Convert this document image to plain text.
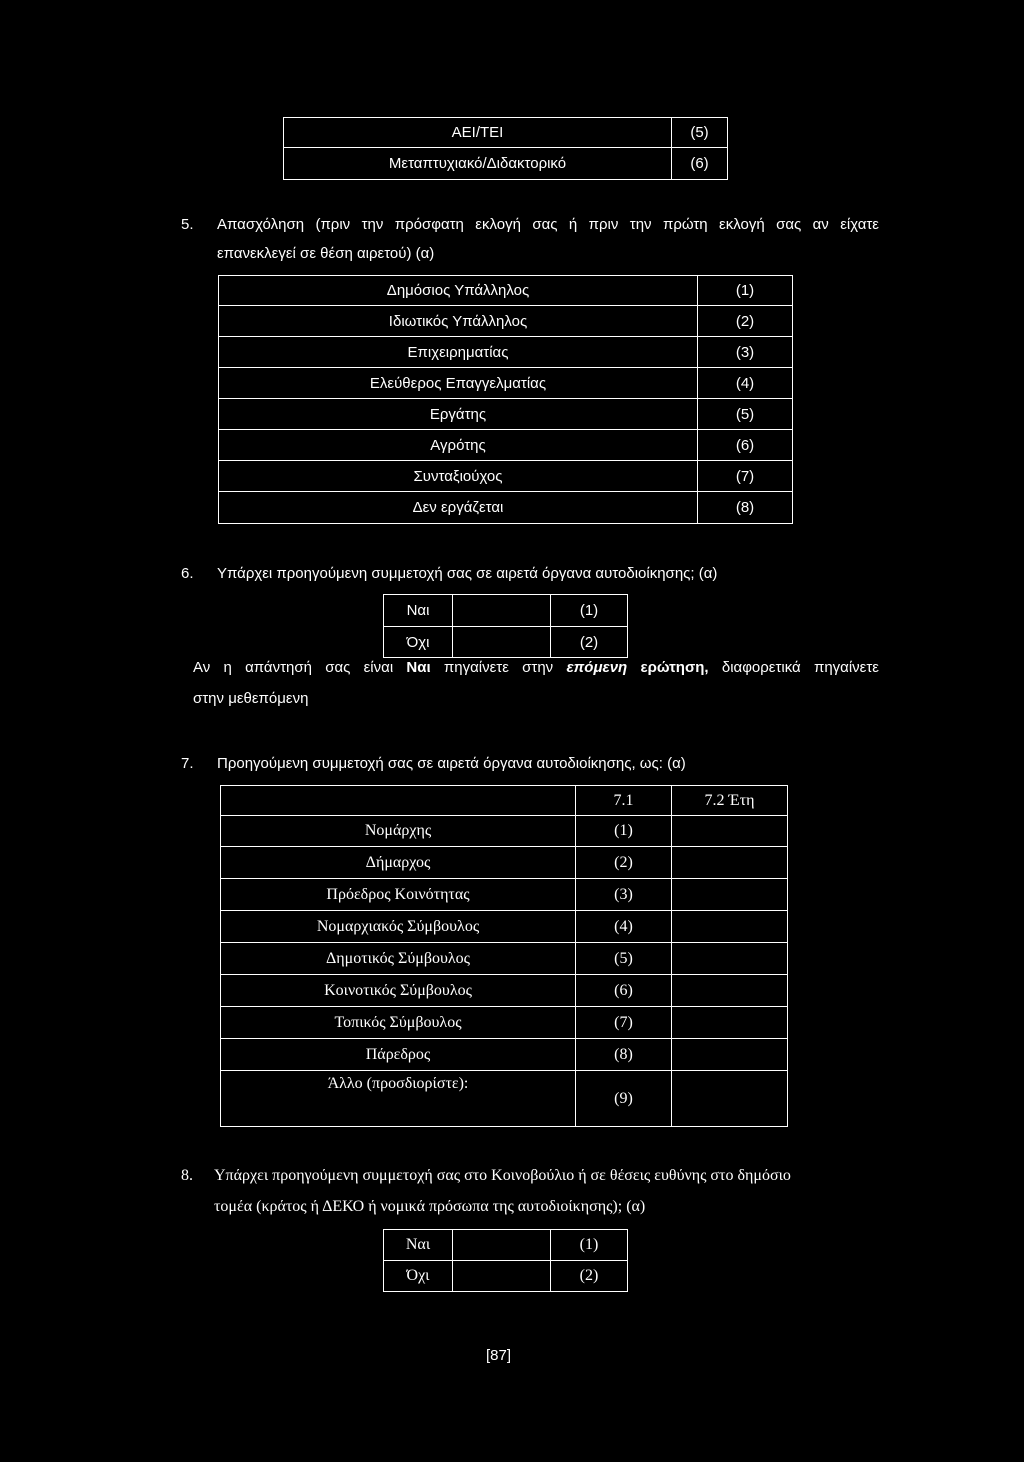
ΑΕΙ/ΤΕΙ	(5)
Μεταπτυχιακό/Διδακτορικό	(6)
5. Απασχόληση (πριν την πρόσφατη εκλογή σας ή πριν την πρώτη εκλογή σας αν είχατε
επανεκλεγεί σε θέση αιρετού) (α)
Δημόσιος Υπάλληλος	(1)
Ιδιωτικός Υπάλληλος	(2)
Επιχειρηματίας	(3)
Ελεύθερος Επαγγελματίας	(4)
Εργάτης	(5)
Αγρότης	(6)
Συνταξιούχος	(7)
Δεν εργάζεται	(8)
6. Υπάρχει προηγούμενη συμμετοχή σας σε αιρετά όργανα αυτοδιοίκησης; (α)
Ναι		(1)
Όχι		(2)
Αν η απάντησή σας είναι Ναι πηγαίνετε στην επόμενη ερώτηση, διαφορετικά πηγαίνετε
στην μεθεπόμενη
7. Προηγούμενη συμμετοχή σας σε αιρετά όργανα αυτοδιοίκησης, ως: (α)
	7.1	7.2 Έτη
Νομάρχης	(1)	
Δήμαρχος	(2)	
Πρόεδρος Κοινότητας	(3)	
Νομαρχιακός Σύμβουλος	(4)	
Δημοτικός Σύμβουλος	(5)	
Κοινοτικός Σύμβουλος	(6)	
Τοπικός Σύμβουλος	(7)	
Πάρεδρος	(8)	
Άλλο (προσδιορίστε):	(9)	
8. Υπάρχει προηγούμενη συμμετοχή σας στο Κοινοβούλιο ή σε θέσεις ευθύνης στο δημόσιο
τομέα (κράτος ή ΔΕΚΟ ή νομικά πρόσωπα της αυτοδιοίκησης); (α)
Ναι		(1)
Όχι		(2)
[87]
